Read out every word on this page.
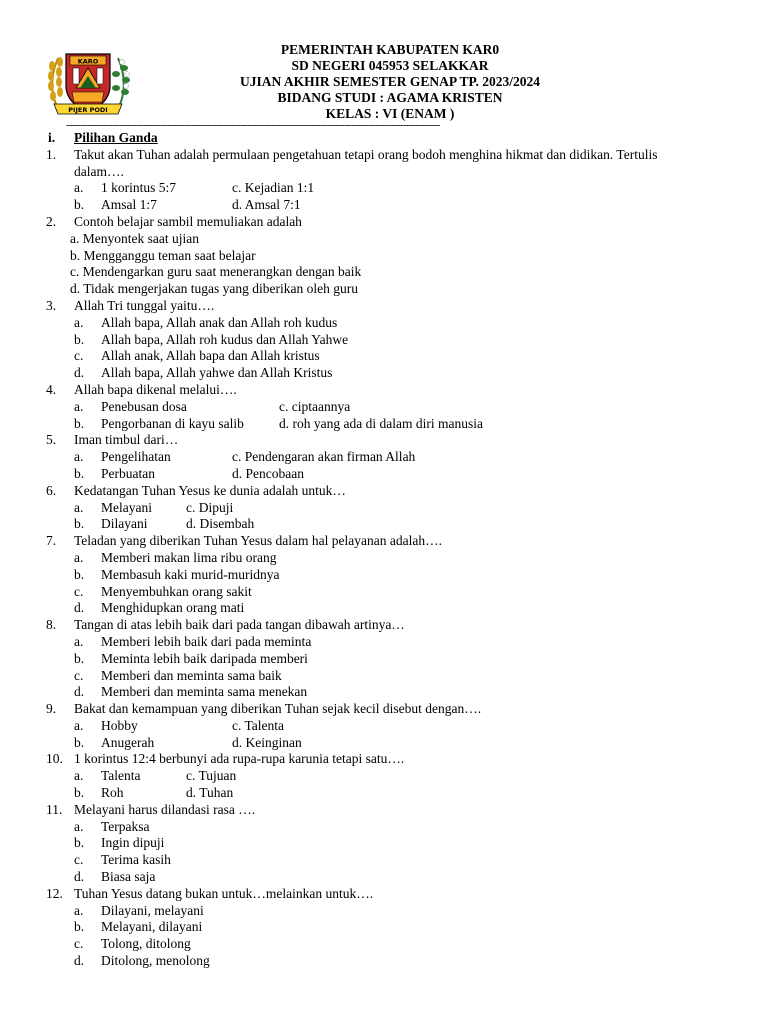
KARO
PIJER PODI
PEMERINTAH KABUPATEN KAR0
SD NEGERI 045953 SELAKKAR
UJIAN AKHIR SEMESTER GENAP TP. 2023/2024
BIDANG STUDI : AGAMA KRISTEN
KELAS : VI (ENAM )
--------------------------------------------------------------------------------------------------------------------------
i. Pilihan Ganda
1. Takut akan Tuhan adalah permulaan pengetahuan tetapi orang bodoh menghina hikmat dan didikan. Tertulis dalam….
a. 1 korintus 5:7	c. Kejadian 1:1
b. Amsal 1:7	d. Amsal 7:1
2. Contoh belajar sambil memuliakan adalah
a. Menyontek saat ujian
b. Mengganggu teman saat belajar
c. Mendengarkan guru saat menerangkan dengan baik
d. Tidak mengerjakan tugas yang diberikan oleh guru
3. Allah Tri tunggal yaitu….
a. Allah bapa, Allah anak dan Allah roh kudus
b. Allah bapa, Allah roh kudus dan Allah Yahwe
c. Allah anak, Allah bapa dan Allah kristus
d. Allah bapa, Allah yahwe dan Allah Kristus
4. Allah bapa dikenal melalui….
a. Penebusan dosa	c. ciptaannya
b. Pengorbanan di kayu salib	d. roh yang ada di dalam diri manusia
5. Iman timbul dari…
a. Pengelihatan	c. Pendengaran akan firman Allah
b. Perbuatan	d. Pencobaan
6. Kedatangan Tuhan Yesus ke dunia adalah untuk…
a. Melayani	c. Dipuji
b. Dilayani	d. Disembah
7. Teladan yang diberikan Tuhan Yesus dalam hal pelayanan adalah….
a. Memberi makan lima ribu orang
b. Membasuh kaki murid-muridnya
c. Menyembuhkan orang sakit
d. Menghidupkan orang mati
8. Tangan di atas lebih baik dari pada tangan dibawah artinya…
a. Memberi lebih baik dari pada meminta
b. Meminta lebih baik daripada memberi
c. Memberi dan meminta sama baik
d. Memberi dan meminta sama menekan
9. Bakat dan kemampuan yang diberikan Tuhan sejak kecil disebut dengan….
a. Hobby	c. Talenta
b. Anugerah	d. Keinginan
10. 1 korintus 12:4 berbunyi ada rupa-rupa karunia tetapi satu….
a. Talenta	c. Tujuan
b. Roh	d. Tuhan
11. Melayani harus dilandasi rasa ….
a. Terpaksa
b. Ingin dipuji
c. Terima kasih
d. Biasa saja
12. Tuhan Yesus datang bukan untuk…melainkan untuk….
a. Dilayani, melayani
b. Melayani, dilayani
c. Tolong, ditolong
d. Ditolong, menolong
